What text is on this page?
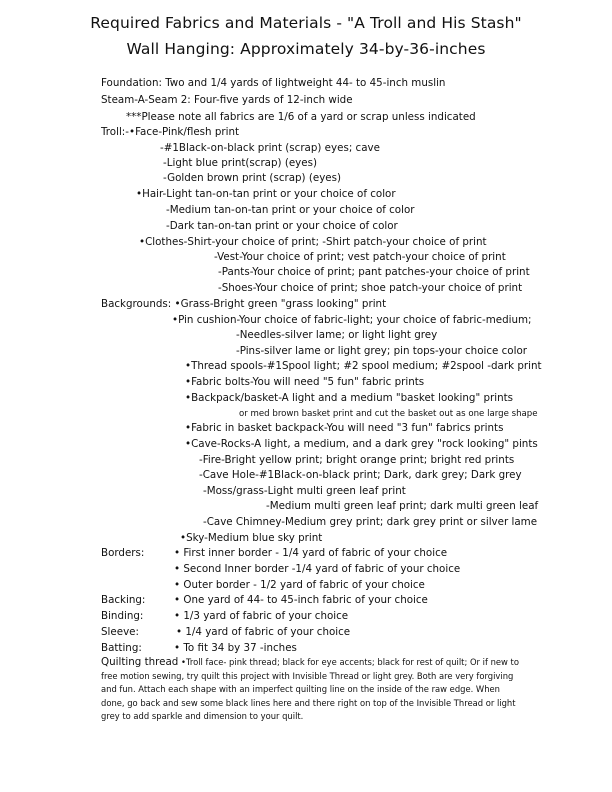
Required Fabrics and Materials - "A Troll and His Stash"
Wall Hanging: Approximately 34-by-36-inches
Foundation: Two and 1/4 yards of lightweight 44- to 45-inch muslin
Steam-A-Seam 2: Four-five yards of 12-inch wide
***Please note all fabrics are 1/6 of a yard or scrap unless indicated
Troll:-•Face-Pink/flesh print
-#1Black-on-black print (scrap) eyes; cave
-Light blue print(scrap) (eyes)
-Golden brown print (scrap) (eyes)
•Hair-Light tan-on-tan print or your choice of color
-Medium tan-on-tan print or your choice of color
-Dark tan-on-tan print or your choice of color
•Clothes-Shirt-your choice of print; -Shirt patch-your choice of print
-Vest-Your choice of print; vest patch-your choice of print
-Pants-Your choice of print; pant patches-your choice of print
-Shoes-Your choice of print; shoe patch-your choice of print
Backgrounds: •Grass-Bright green "grass looking" print
•Pin cushion-Your choice of fabric-light; your choice of fabric-medium;
-Needles-silver lame; or light light grey
-Pins-silver lame or light grey; pin tops-your choice color
•Thread spools-#1Spool light; #2 spool medium; #2spool -dark print
•Fabric bolts-You will need "5 fun" fabric prints
•Backpack/basket-A light and a medium "basket looking" prints
or med brown basket print and cut the basket out as one large shape
•Fabric in basket backpack-You will need "3 fun" fabrics prints
•Cave-Rocks-A light, a medium, and a dark grey "rock looking" pints
-Fire-Bright yellow print; bright orange print; bright red prints
-Cave Hole-#1Black-on-black print; Dark, dark grey; Dark grey
-Moss/grass-Light multi green leaf print
-Medium multi green leaf print; dark multi green leaf
-Cave Chimney-Medium grey print; dark grey print or silver lame
•Sky-Medium blue sky print
Borders:	• First inner border - 1/4 yard of fabric of your choice
• Second Inner border -1/4 yard of fabric of your choice
• Outer border - 1/2 yard of fabric of your choice
Backing:	• One yard of 44- to 45-inch fabric of your choice
Binding:	• 1/3 yard of fabric of your choice
Sleeve:	• 1/4 yard of fabric of your choice
Batting:	• To fit 34 by 37 -inches
Quilting thread •Troll face- pink thread; black for eye accents; black for rest of quilt; Or if new to free motion sewing, try quilt this project with Invisible Thread or light grey. Both are very forgiving and fun. Attach each shape with an imperfect quilting line on the inside of the raw edge. When done, go back and sew some black lines here and there right on top of the Invisible Thread or light grey to add sparkle and dimension to your quilt.
